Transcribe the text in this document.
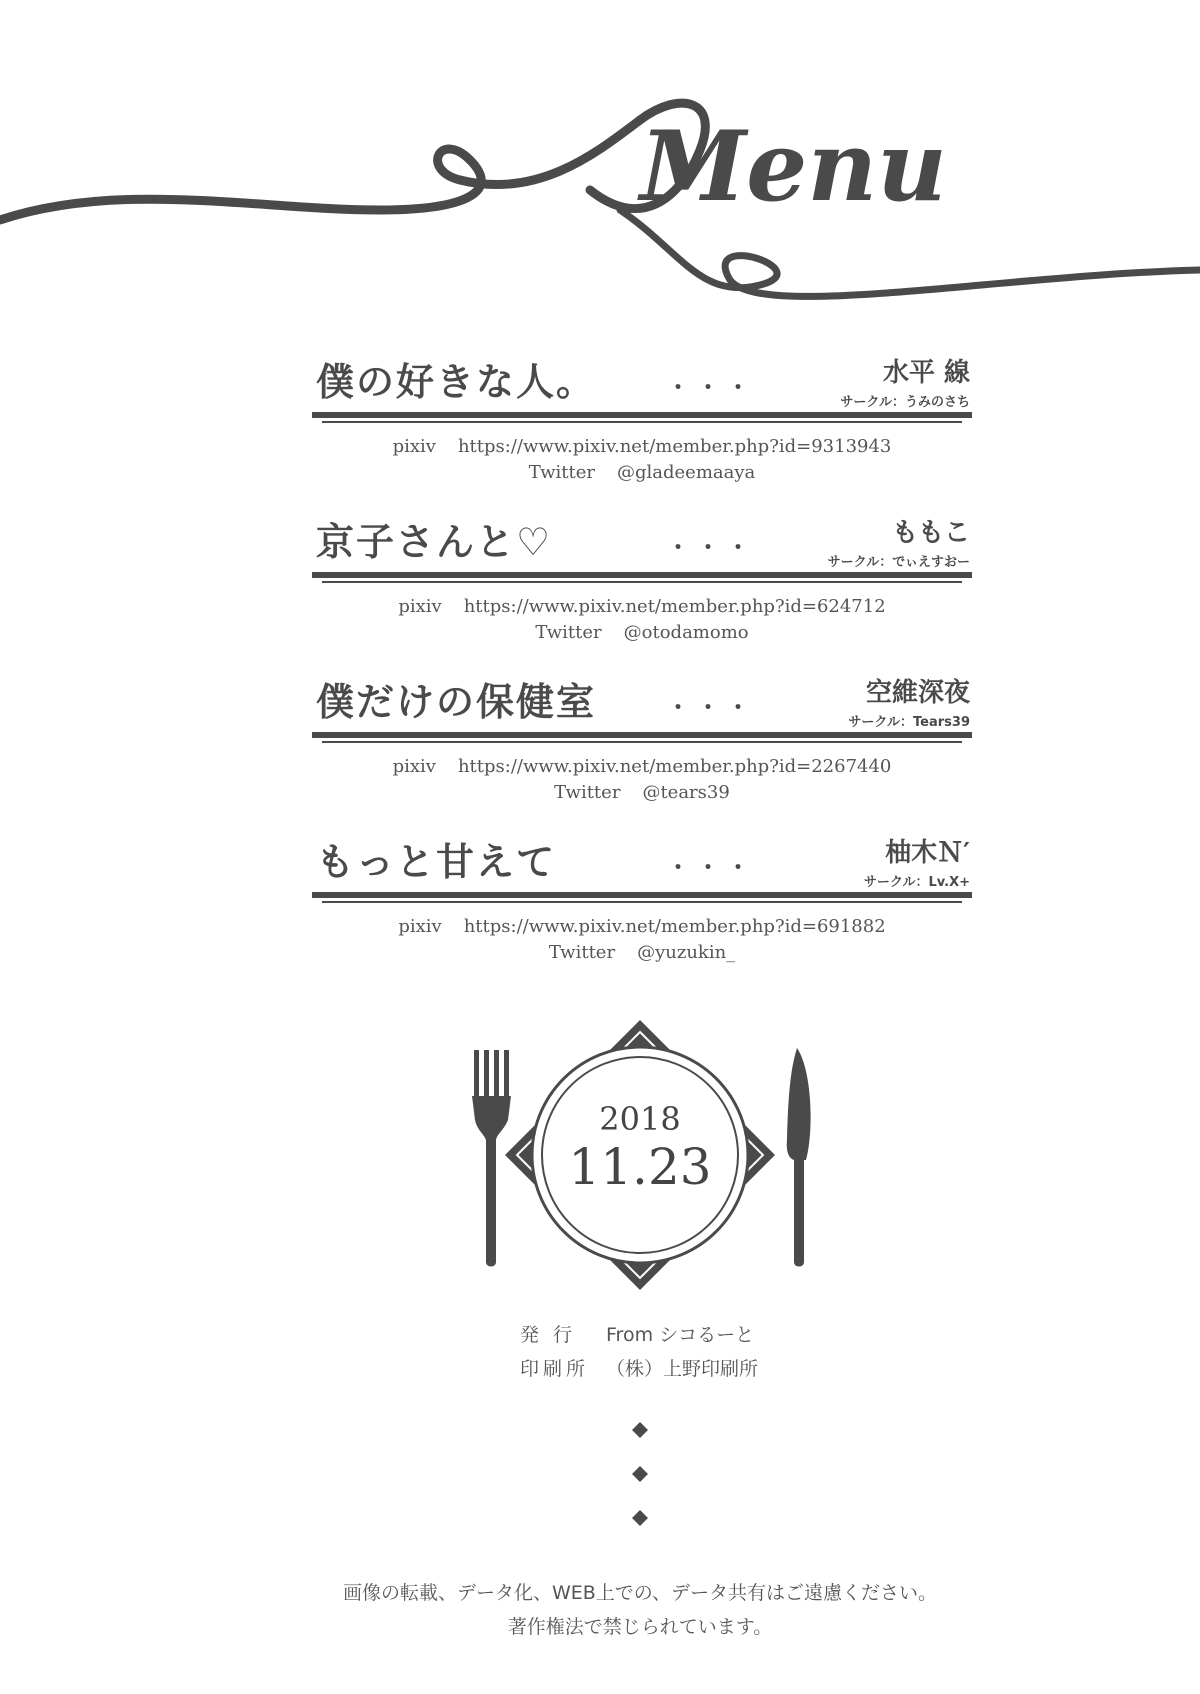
Menu
僕の好きな人。	・・・
水平 線
サークル：うみのさち
pixiv https://www.pixiv.net/member.php?id=9313943
Twitter @gladeemaaya
京子さんと♡	・・・
ももこ
サークル：でぃえすおー
pixiv https://www.pixiv.net/member.php?id=624712
Twitter @otodamomo
僕だけの保健室	・・・
空維深夜
サークル：Tears39
pixiv https://www.pixiv.net/member.php?id=2267440
Twitter @tears39
もっと甘えて	・・・
柚木Ｎ′
サークル：Lv.X+
pixiv https://www.pixiv.net/member.php?id=691882
Twitter @yuzukin_
2018
11.23
発 行 From シコるーと
印刷所 （株）上野印刷所
画像の転載、データ化、WEB上での、データ共有はご遠慮ください。
著作権法で禁じられています。
